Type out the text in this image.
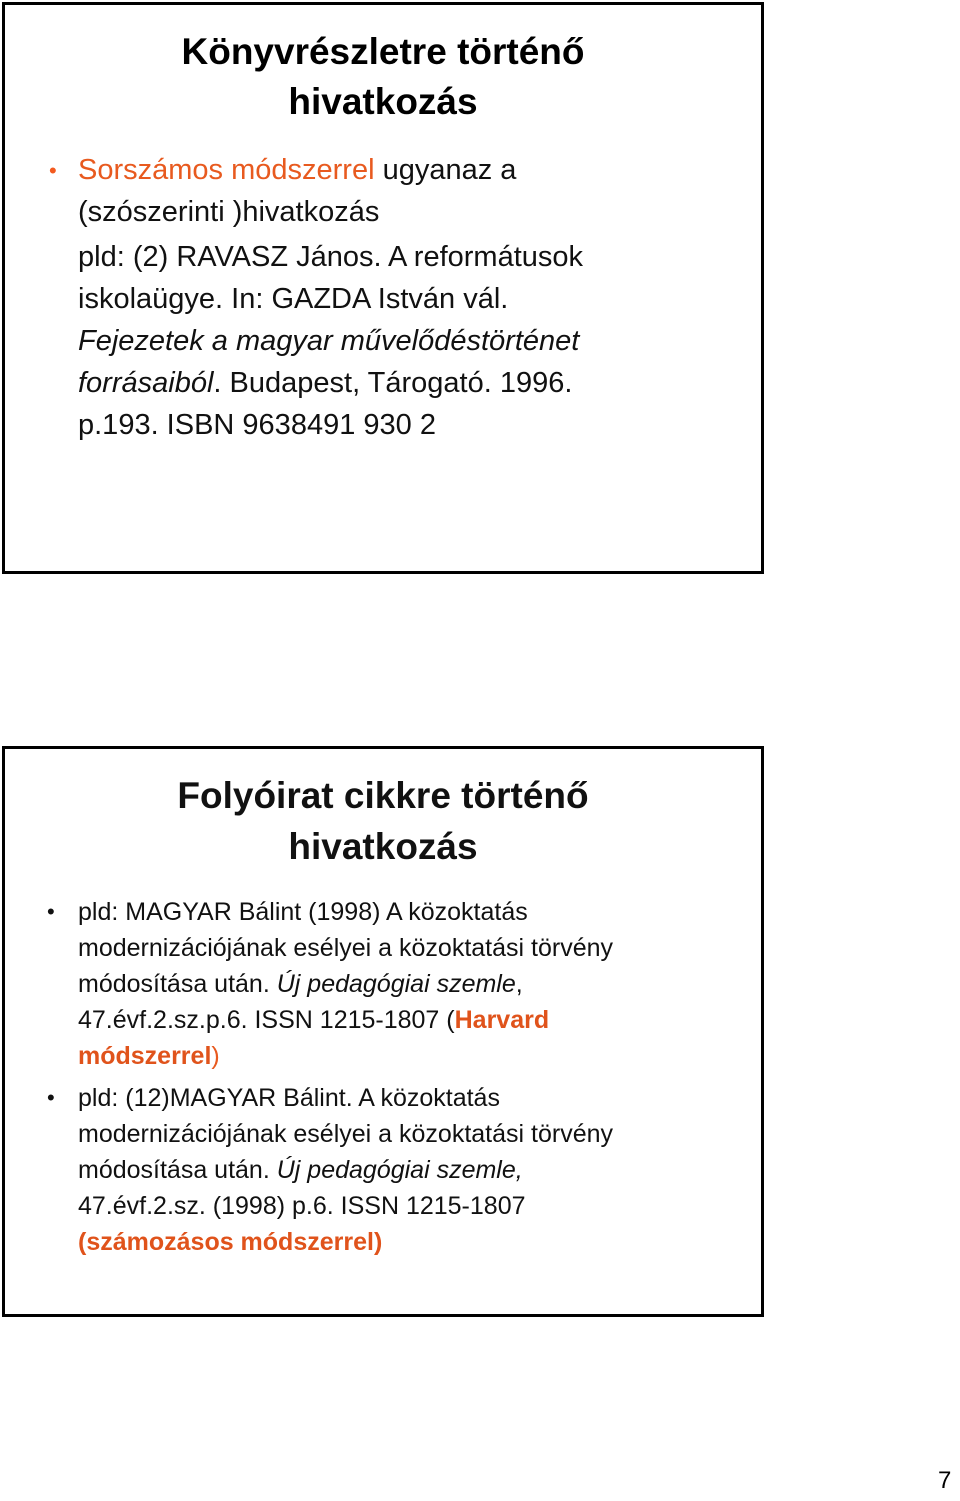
Könyvrészletre történő
hivatkozás
• Sorszámos módszerrel ugyanaz a
(szószerinti )hivatkozás
pld: (2) RAVASZ János. A reformátusok
iskolaügye. In: GAZDA István vál.
Fejezetek a magyar művelődéstörténet
forrásaiból. Budapest, Tárogató. 1996.
p.193. ISBN 9638491 930 2
Folyóirat cikkre történő
hivatkozás
• pld: MAGYAR Bálint (1998) A közoktatás
modernizációjának esélyei a közoktatási törvény
módosítása után. Új pedagógiai szemle,
47.évf.2.sz.p.6. ISSN 1215-1807 (Harvard
módszerrel)
• pld: (12)MAGYAR Bálint. A közoktatás
modernizációjának esélyei a közoktatási törvény
módosítása után. Új pedagógiai szemle,
47.évf.2.sz. (1998) p.6. ISSN 1215-1807
(számozásos módszerrel)
7
